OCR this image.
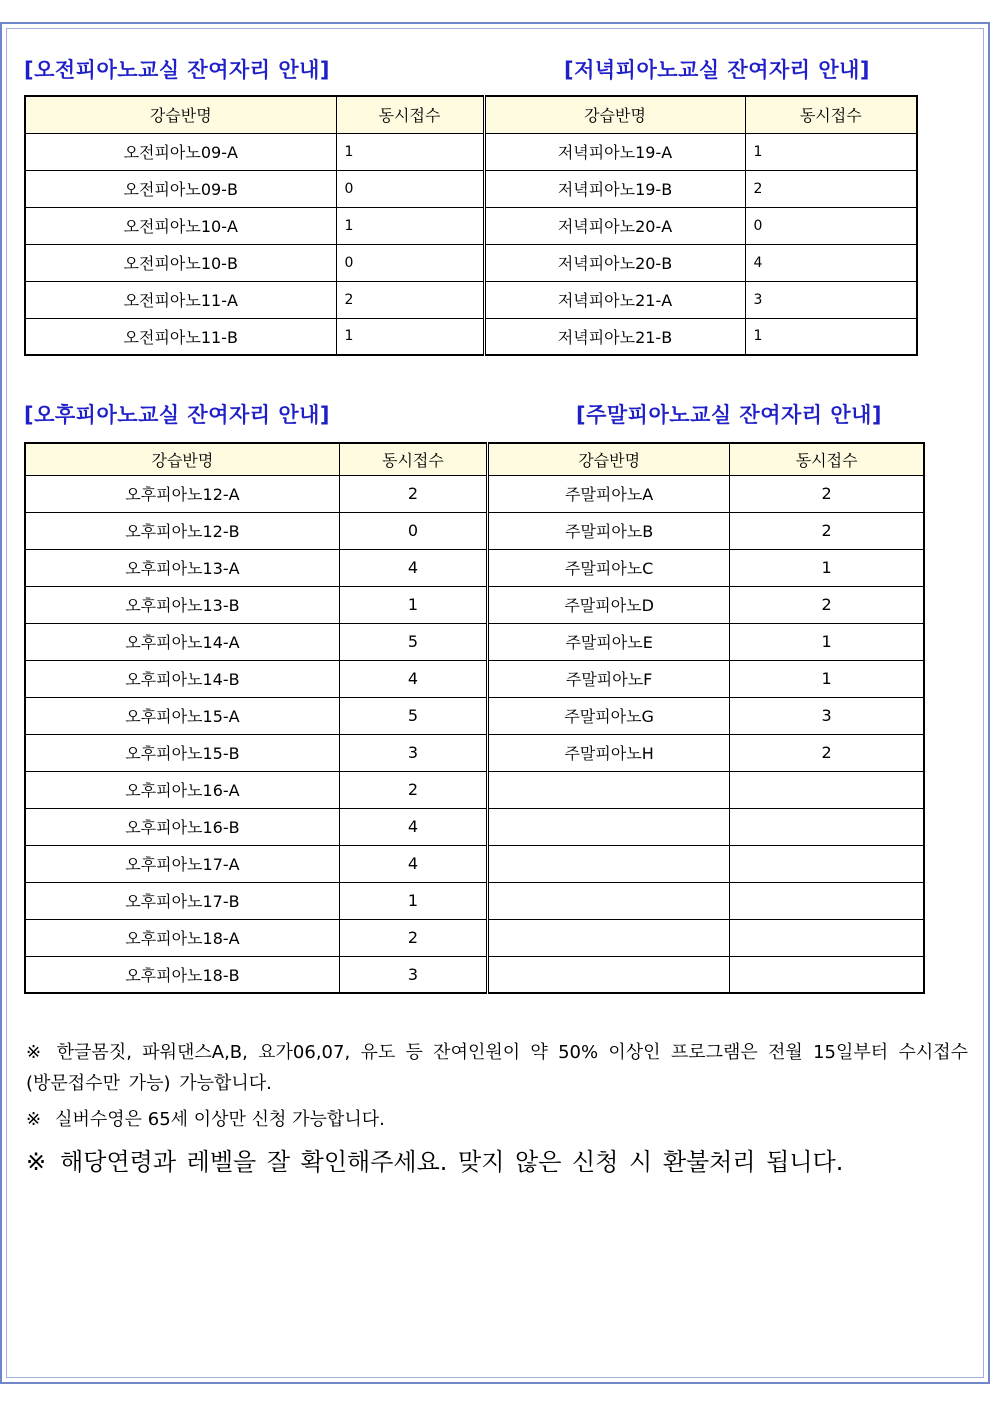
[오전피아노교실 잔여자리 안내]	[저녁피아노교실 잔여자리 안내]
강습반명	동시접수	강습반명	동시접수
오전피아노09-A	1	저녁피아노19-A	1
오전피아노09-B	0	저녁피아노19-B	2
오전피아노10-A	1	저녁피아노20-A	0
오전피아노10-B	0	저녁피아노20-B	4
오전피아노11-A	2	저녁피아노21-A	3
오전피아노11-B	1	저녁피아노21-B	1
[오후피아노교실 잔여자리 안내]	[주말피아노교실 잔여자리 안내]
강습반명	동시접수	강습반명	동시접수
오후피아노12-A	2	주말피아노A	2
오후피아노12-B	0	주말피아노B	2
오후피아노13-A	4	주말피아노C	1
오후피아노13-B	1	주말피아노D	2
오후피아노14-A	5	주말피아노E	1
오후피아노14-B	4	주말피아노F	1
오후피아노15-A	5	주말피아노G	3
오후피아노15-B	3	주말피아노H	2
오후피아노16-A	2		
오후피아노16-B	4		
오후피아노17-A	4		
오후피아노17-B	1		
오후피아노18-A	2		
오후피아노18-B	3		
※ 한글몸짓, 파워댄스A,B, 요가06,07, 유도 등 잔여인원이 약 50% 이상인 프로그램은 전월 15일부터 수시접수(방문접수만 가능) 가능합니다.
※ 실버수영은 65세 이상만 신청 가능합니다.
※ 해당연령과 레벨을 잘 확인해주세요. 맞지 않은 신청 시 환불처리 됩니다.
